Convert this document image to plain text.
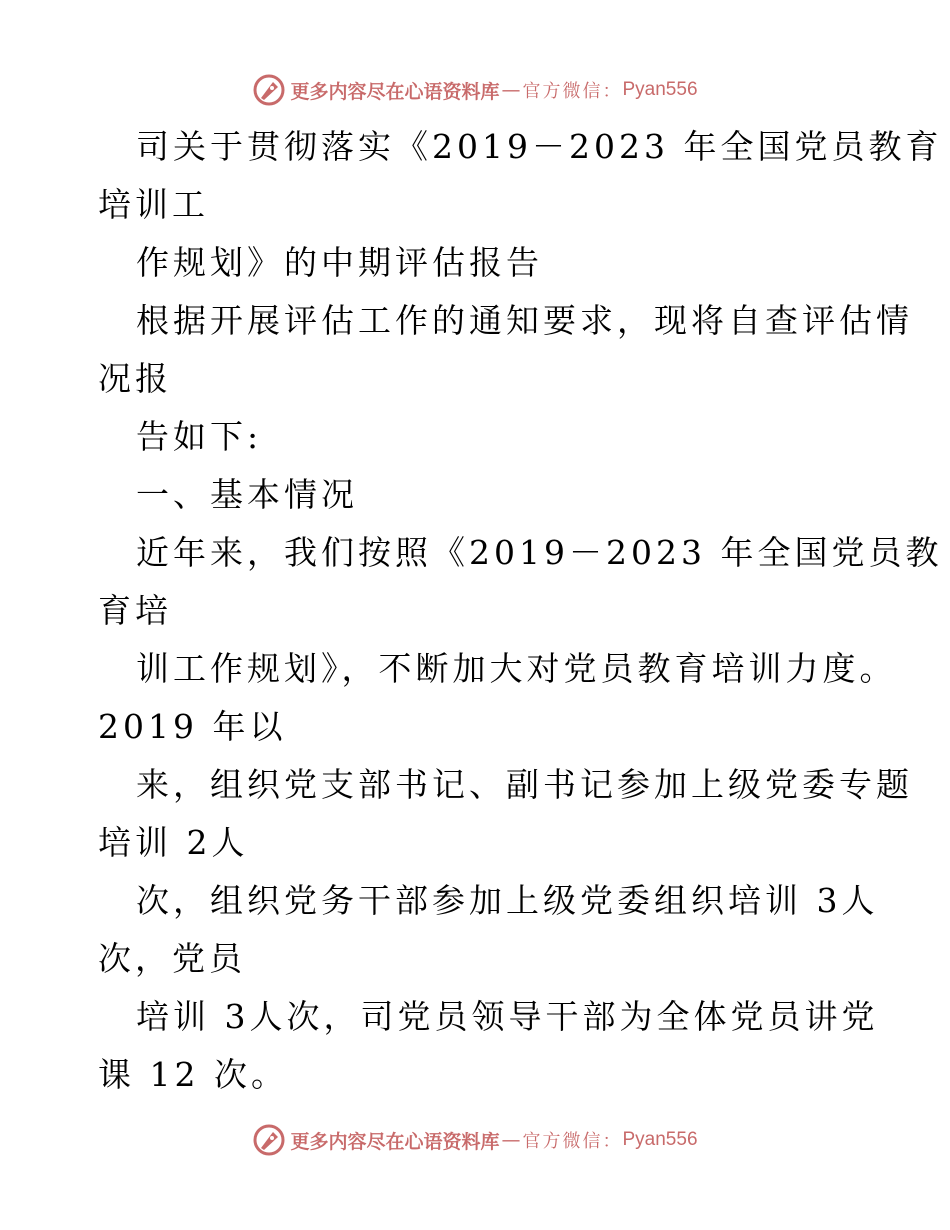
更多内容尽在心语资料库 — 官方微信： Pyan556
司关于贯彻落实《2019－2023 年全国党员教育
培训工
作规划》的中期评估报告
根据开展评估工作的通知要求，现将自查评估情
况报
告如下:
一、基本情况
近年来，我们按照《2019－2023 年全国党员教
育培
训工作规划》，不断加大对党员教育培训力度。
2019 年以
来，组织党支部书记、副书记参加上级党委专题
培训 2人
次，组织党务干部参加上级党委组织培训 3人
次，党员
培训 3人次，司党员领导干部为全体党员讲党
课 12 次。
更多内容尽在心语资料库 — 官方微信： Pyan556
